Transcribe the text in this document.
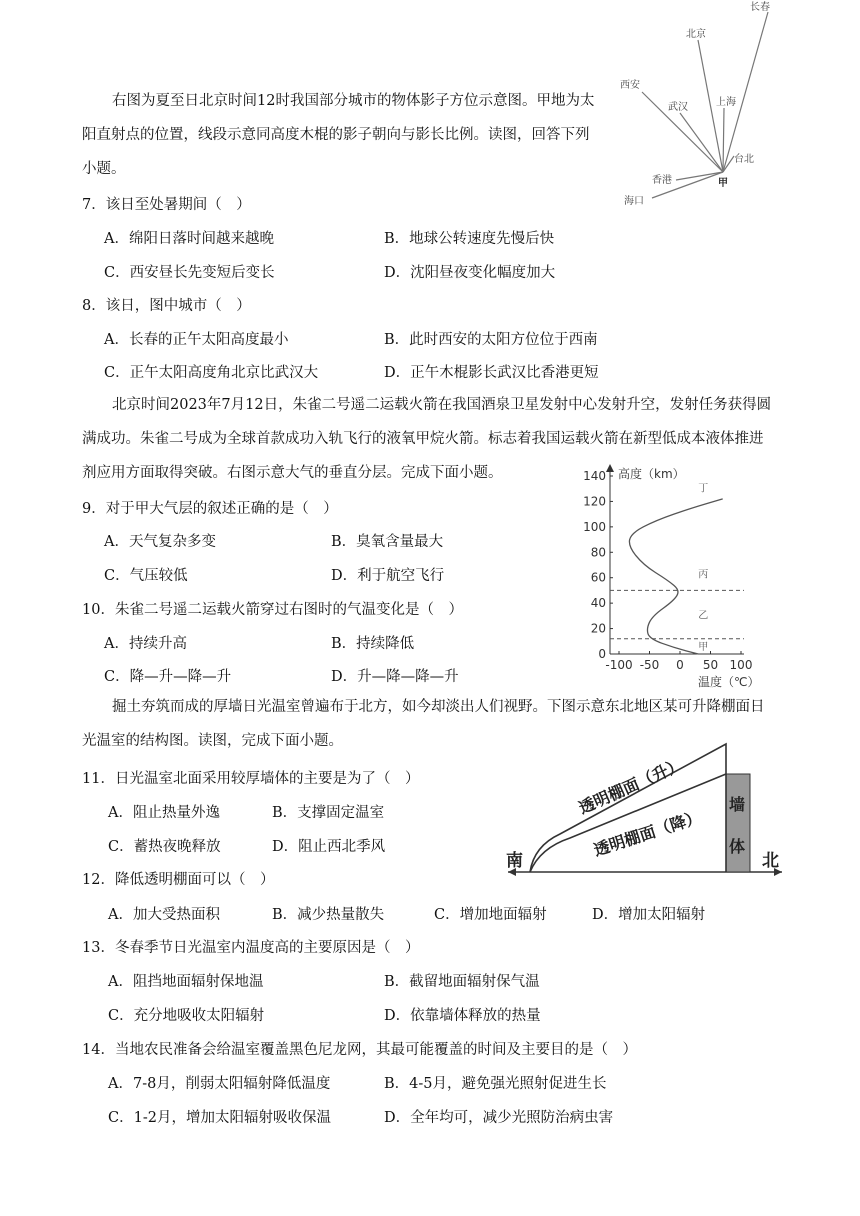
右图为夏至日北京时间12时我国部分城市的物体影子方位示意图。甲地为太阳直射点的位置，线段示意同高度木棍的影子朝向与影长比例。读图，回答下列小题。
长春
北京
西安
武汉	上海
台北
香港
海口
甲
7．该日至处暑期间（　）
A．绵阳日落时间越来越晚	B．地球公转速度先慢后快
C．西安昼长先变短后变长	D．沈阳昼夜变化幅度加大
8．该日，图中城市（　）
A．长春的正午太阳高度最小	B．此时西安的太阳方位位于西南
C．正午太阳高度角北京比武汉大	D．正午木棍影长武汉比香港更短
北京时间2023年7月12日，朱雀二号遥二运载火箭在我国酒泉卫星发射中心发射升空，发射任务获得圆满成功。朱雀二号成为全球首款成功入轨飞行的液氧甲烷火箭。标志着我国运载火箭在新型低成本液体推进剂应用方面取得突破。右图示意大气的垂直分层。完成下面小题。	高度（km）
温度（℃）
0
20
40
60
80
100
120
140
-100 -50 0 50 100
甲
乙
丙
丁
9．对于甲大气层的叙述正确的是（　）
A．天气复杂多变	B．臭氧含量最大
C．气压较低	D．利于航空飞行
10．朱雀二号遥二运载火箭穿过右图时的气温变化是（　）
A．持续升高	B．持续降低
C．降—升—降—升	D．升—降—降—升
掘土夯筑而成的厚墙日光温室曾遍布于北方，如今却淡出人们视野。下图示意东北地区某可升降棚面日光温室的结构图。读图，完成下面小题。
透明棚面（升）
透明棚面（降）
墙
体
南	北
11．日光温室北面采用较厚墙体的主要是为了（　）
A．阻止热量外逸	B．支撑固定温室
C．蓄热夜晚释放	D．阻止西北季风
12．降低透明棚面可以（　）
A．加大受热面积	B．减少热量散失	C．增加地面辐射	D．增加太阳辐射
13．冬春季节日光温室内温度高的主要原因是（　）
A．阻挡地面辐射保地温	B．截留地面辐射保气温
C．充分地吸收太阳辐射	D．依靠墙体释放的热量
14．当地农民准备会给温室覆盖黑色尼龙网，其最可能覆盖的时间及主要目的是（　）
A．7-8月，削弱太阳辐射降低温度	B．4-5月，避免强光照射促进生长
C．1-2月，增加太阳辐射吸收保温	D．全年均可，减少光照防治病虫害
